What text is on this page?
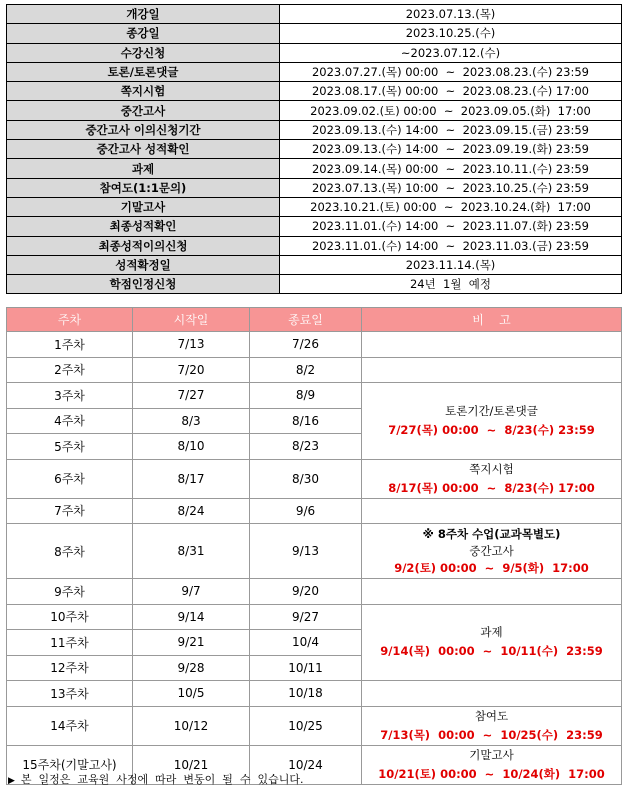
개강일	2023.07.13.(목)
종강일	2023.10.25.(수)
수강신청	~2023.07.12.(수)
토론/토론댓글	2023.07.27.(목) 00:00  ~  2023.08.23.(수) 23:59
쪽지시험	2023.08.17.(목) 00:00  ~  2023.08.23.(수) 17:00
중간고사	2023.09.02.(토) 00:00  ~  2023.09.05.(화)  17:00
중간고사 이의신청기간	2023.09.13.(수) 14:00  ~  2023.09.15.(금) 23:59
중간고사 성적확인	2023.09.13.(수) 14:00  ~  2023.09.19.(화) 23:59
과제	2023.09.14.(목) 00:00  ~  2023.10.11.(수) 23:59
참여도(1:1문의)	2023.07.13.(목) 10:00  ~  2023.10.25.(수) 23:59
기말고사	2023.10.21.(토) 00:00  ~  2023.10.24.(화)  17:00
최종성적확인	2023.11.01.(수) 14:00  ~  2023.11.07.(화) 23:59
최종성적이의신청	2023.11.01.(수) 14:00  ~  2023.11.03.(금) 23:59
성적확정일	2023.11.14.(목)
학점인정신청	24년  1월  예정
주차	시작일	종료일	비    고
1주차	7/13	7/26	
2주차	7/20	8/2	
3주차	7/27	8/9	토론기간/토론댓글
7/27(목) 00:00  ~  8/23(수) 23:59

4주차	8/3	8/16	
5주차	8/10	8/23	
6주차	8/17	8/30	쪽지시험
8/17(목) 00:00  ~  8/23(수) 17:00

7주차	8/24	9/6	
8주차	8/31	9/13	※ 8주차 수업(교과목별도)
중간고사
9/2(토) 00:00  ~  9/5(화)  17:00

9주차	9/7	9/20	
10주차	9/14	9/27	과제
9/14(목)  00:00  ~  10/11(수)  23:59

11주차	9/21	10/4	
12주차	9/28	10/11	
13주차	10/5	10/18	
14주차	10/12	10/25	참여도
7/13(목)  00:00  ~  10/25(수)  23:59

15주차(기말고사)	10/21	10/24	기말고사
10/21(토) 00:00  ~  10/24(화)  17:00
▶ 본  일정은  교육원  사정에  따라  변동이  될  수  있습니다.
